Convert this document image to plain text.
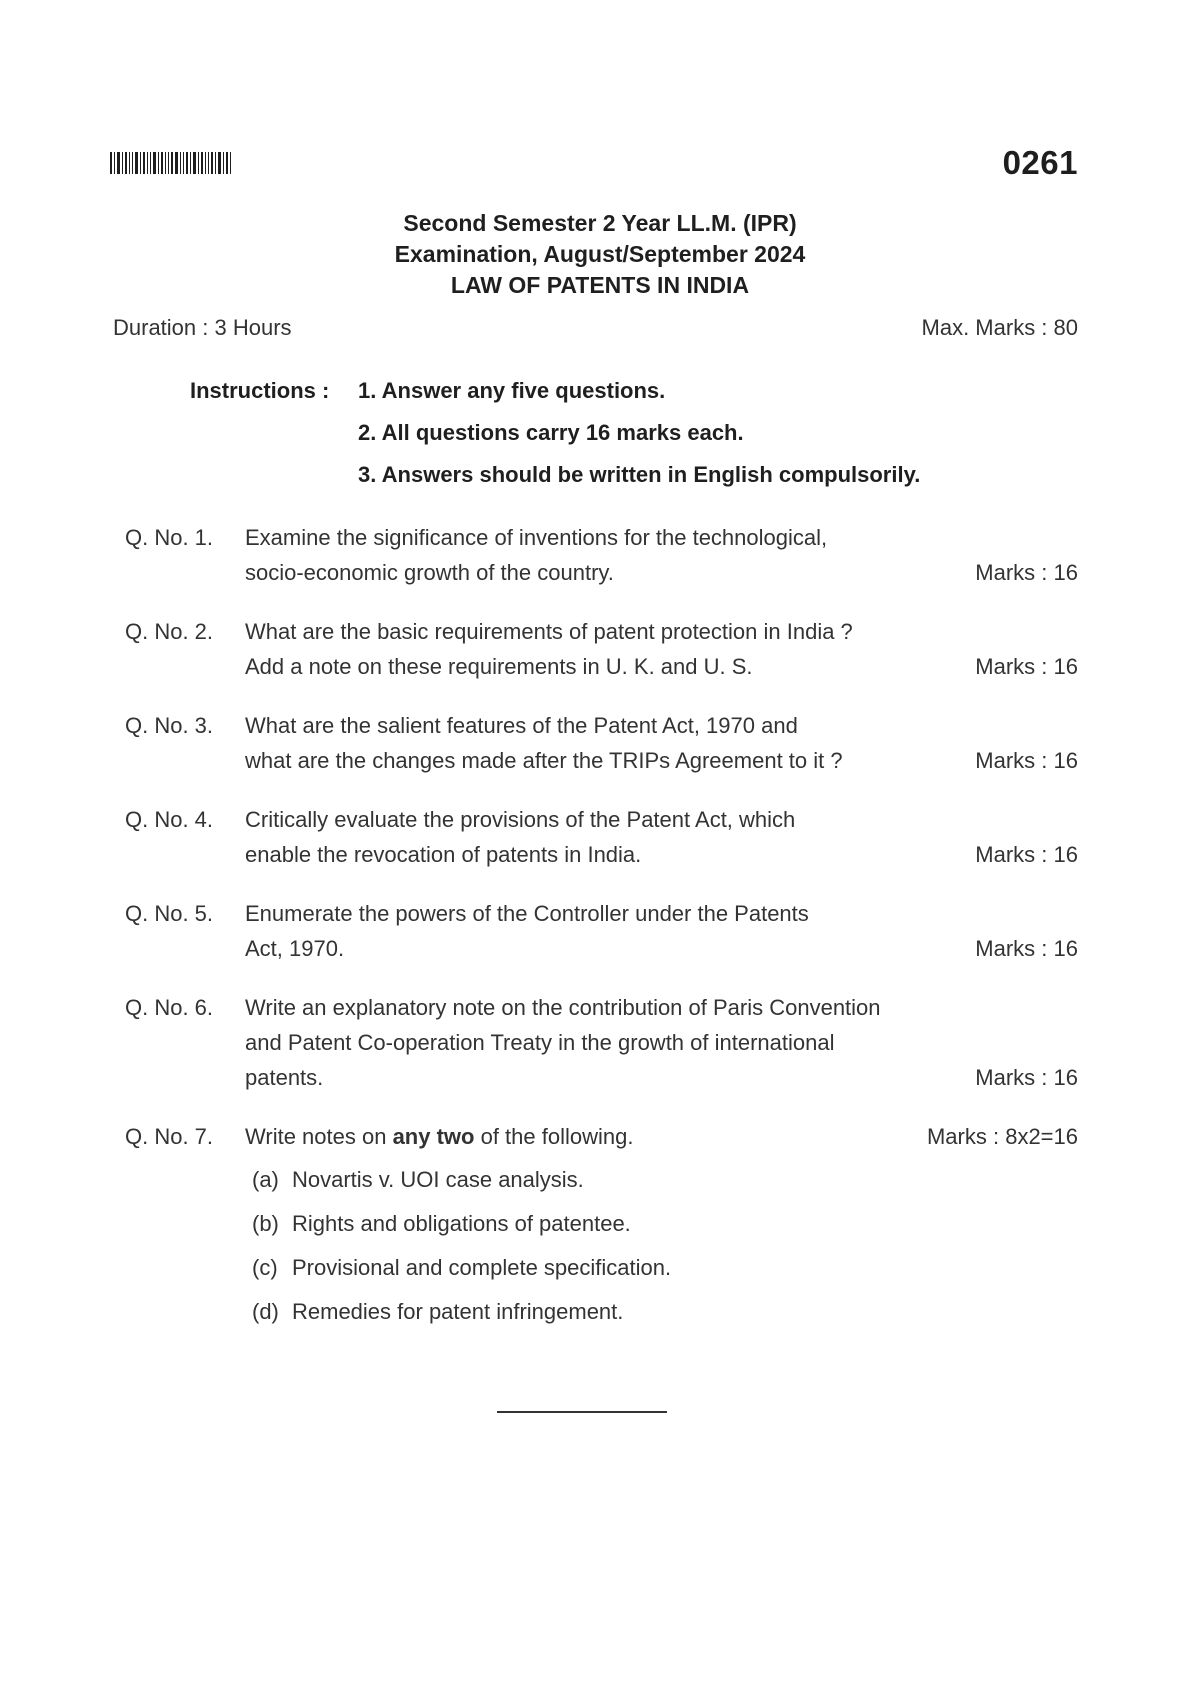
0261
Second Semester 2 Year LL.M. (IPR)
Examination, August/September 2024
LAW OF PATENTS IN INDIA
Duration : 3 Hours	Max. Marks : 80
Instructions :	1. Answer any five questions.
2. All questions carry 16 marks each.
3. Answers should be written in English compulsorily.
Q. No. 1.	Examine the significance of inventions for the technological,
socio-economic growth of the country.	Marks : 16
Q. No. 2.	What are the basic requirements of patent protection in India ?
Add a note on these requirements in U. K. and U. S.	Marks : 16
Q. No. 3.	What are the salient features of the Patent Act, 1970 and
what are the changes made after the TRIPs Agreement to it ?	Marks : 16
Q. No. 4.	Critically evaluate the provisions of the Patent Act, which
enable the revocation of patents in India.	Marks : 16
Q. No. 5.	Enumerate the powers of the Controller under the Patents
Act, 1970.	Marks : 16
Q. No. 6.	Write an explanatory note on the contribution of Paris Convention
and Patent Co-operation Treaty in the growth of international
patents.	Marks : 16
Q. No. 7.	Write notes on any two of the following.	Marks : 8x2=16
(a) Novartis v. UOI case analysis.
(b) Rights and obligations of patentee.
(c) Provisional and complete specification.
(d) Remedies for patent infringement.
